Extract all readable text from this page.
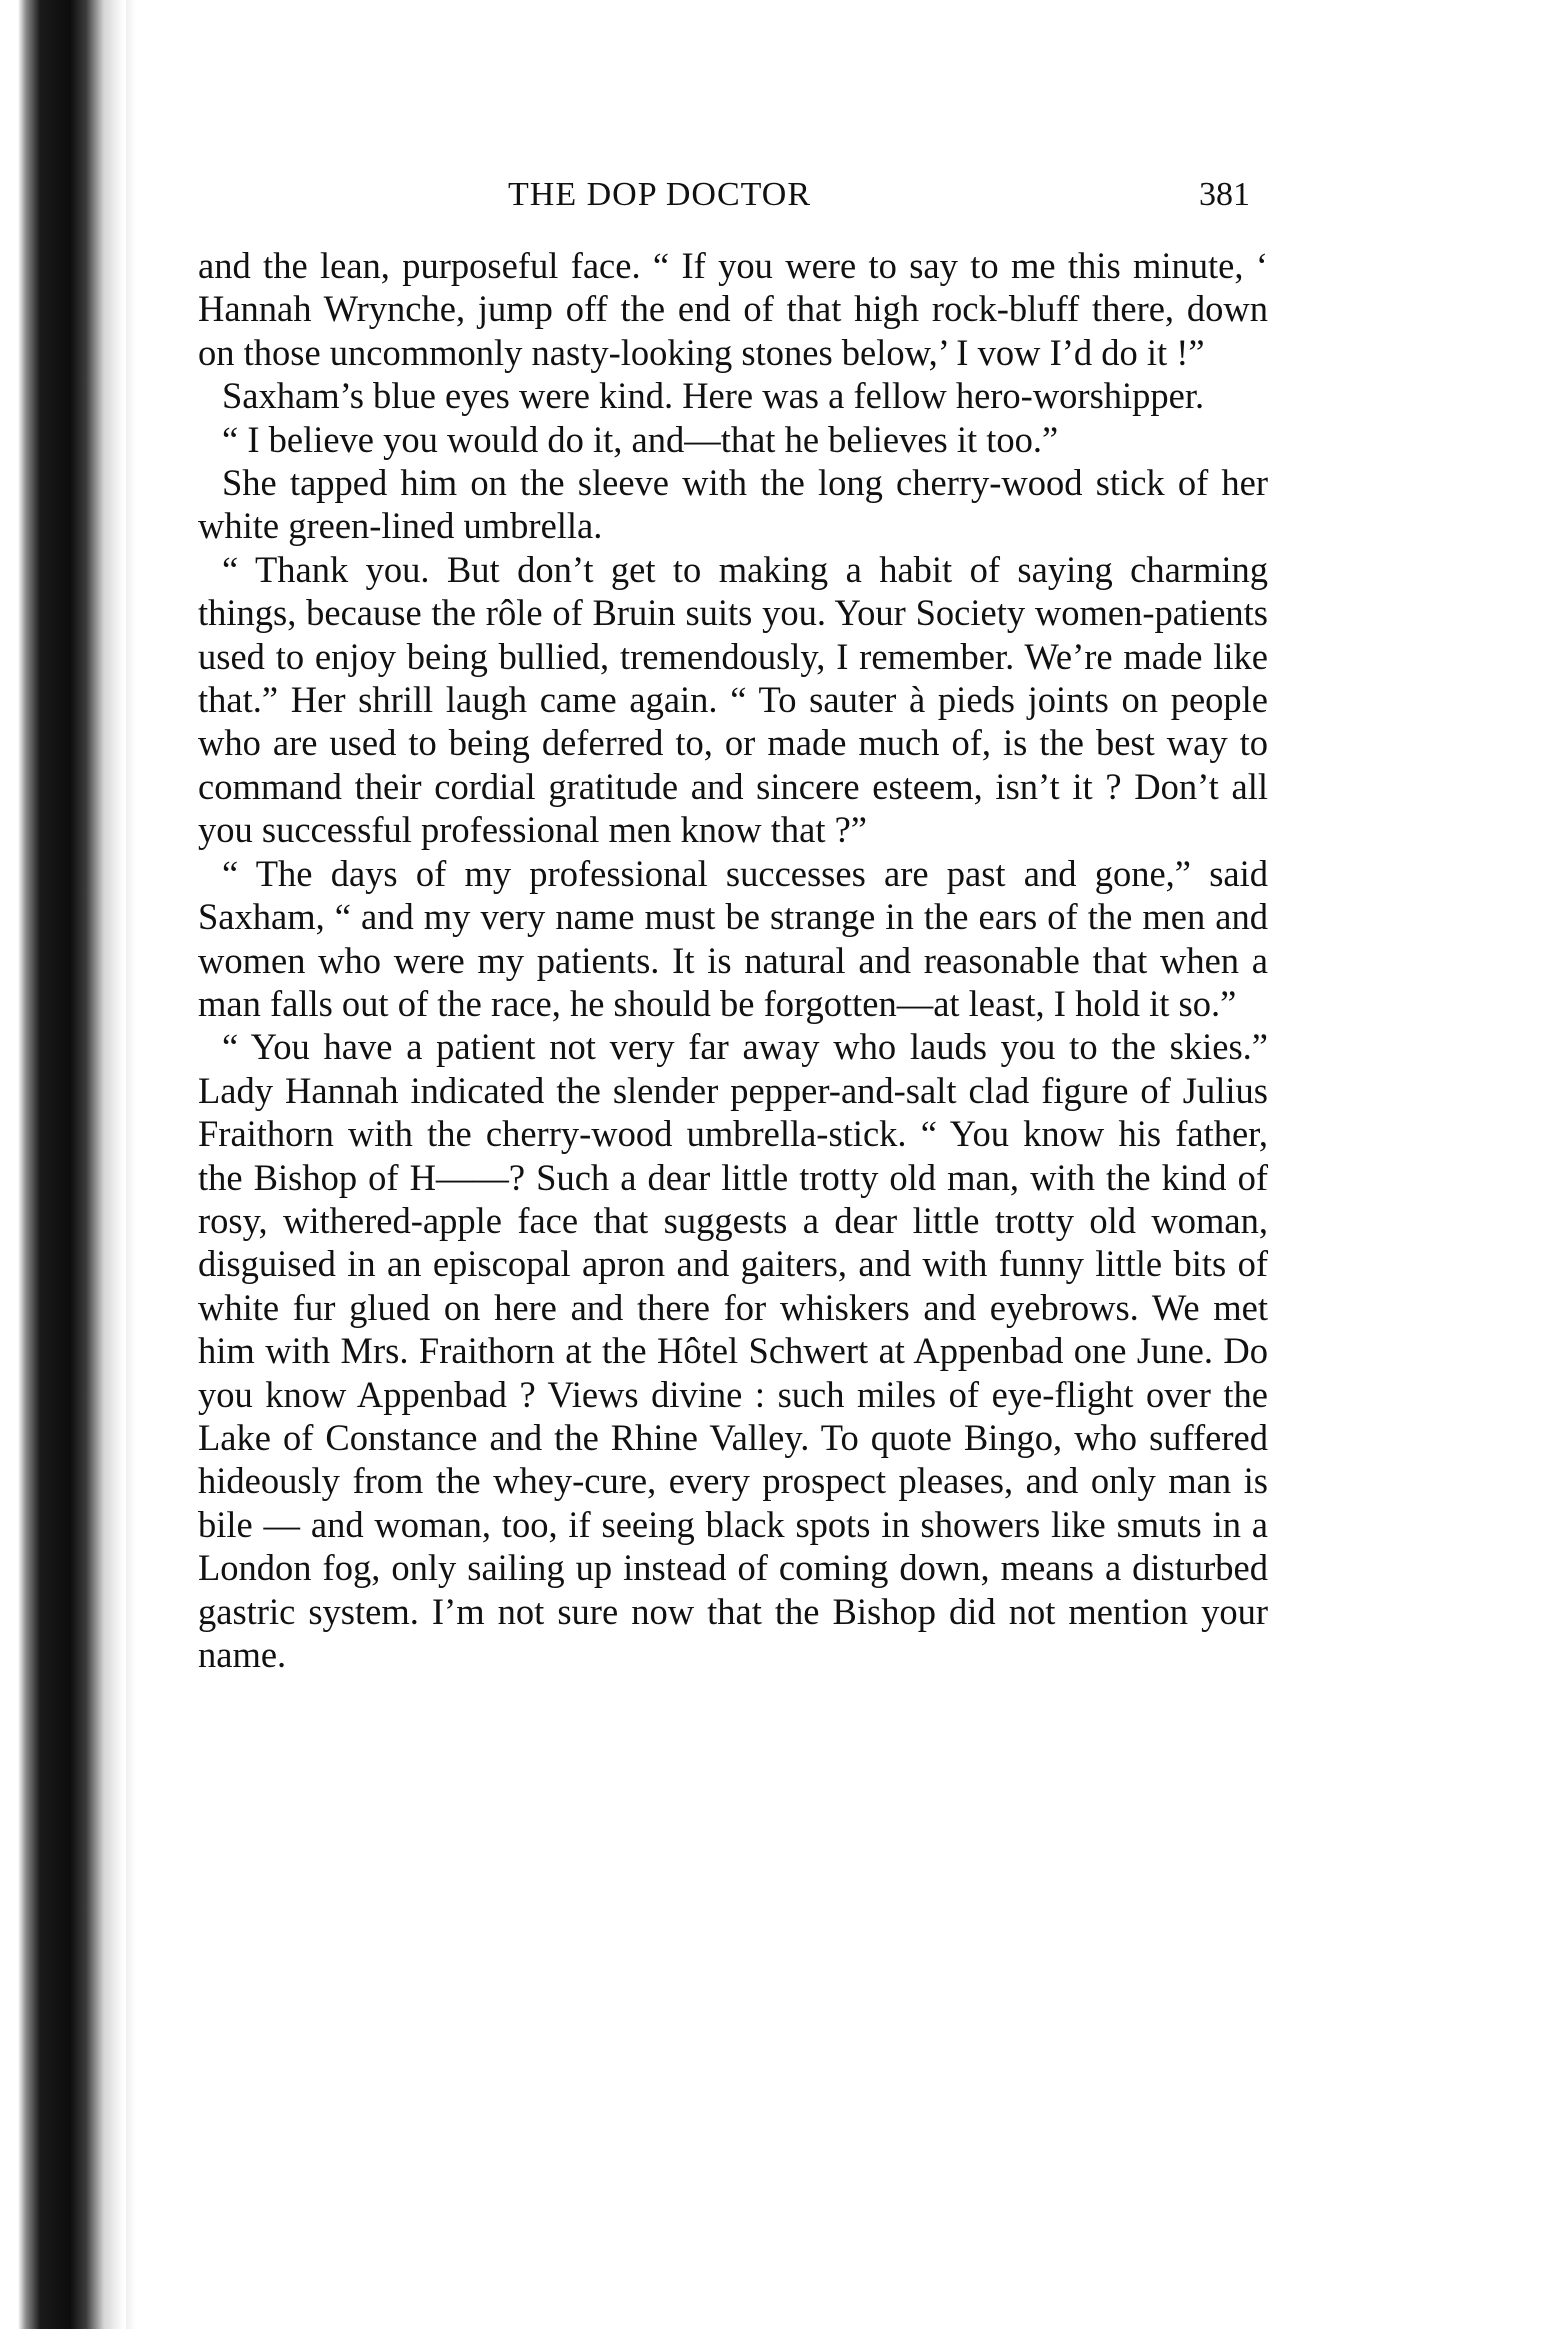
THE DOP DOCTOR	381

and the lean, purposeful face. “ If you were to say to me this minute, ‘ Hannah Wrynche, jump off the end of that high rock-bluff there, down on those uncommonly nasty-looking stones below,’ I vow I’d do it !”

Saxham’s blue eyes were kind. Here was a fellow hero-worshipper.

“ I believe you would do it, and—that he believes it too.”

She tapped him on the sleeve with the long cherry-wood stick of her white green-lined umbrella.

“ Thank you. But don’t get to making a habit of saying charming things, because the rôle of Bruin suits you. Your Society women-patients used to enjoy being bullied, tremendously, I remember. We’re made like that.” Her shrill laugh came again. “ To sauter à pieds joints on people who are used to being deferred to, or made much of, is the best way to command their cordial gratitude and sincere esteem, isn’t it ? Don’t all you successful professional men know that ?”

“ The days of my professional successes are past and gone,” said Saxham, “ and my very name must be strange in the ears of the men and women who were my patients. It is natural and reasonable that when a man falls out of the race, he should be forgotten—at least, I hold it so.”

“ You have a patient not very far away who lauds you to the skies.” Lady Hannah indicated the slender pepper-and-salt clad figure of Julius Fraithorn with the cherry-wood umbrella-stick. “ You know his father, the Bishop of H——? Such a dear little trotty old man, with the kind of rosy, withered-apple face that suggests a dear little trotty old woman, disguised in an episcopal apron and gaiters, and with funny little bits of white fur glued on here and there for whiskers and eyebrows. We met him with Mrs. Fraithorn at the Hôtel Schwert at Appenbad one June. Do you know Appenbad ? Views divine : such miles of eye-flight over the Lake of Constance and the Rhine Valley. To quote Bingo, who suffered hideously from the whey-cure, every prospect pleases, and only man is bile — and woman, too, if seeing black spots in showers like smuts in a London fog, only sailing up instead of coming down, means a disturbed gastric system. I’m not sure now that the Bishop did not mention your name.
